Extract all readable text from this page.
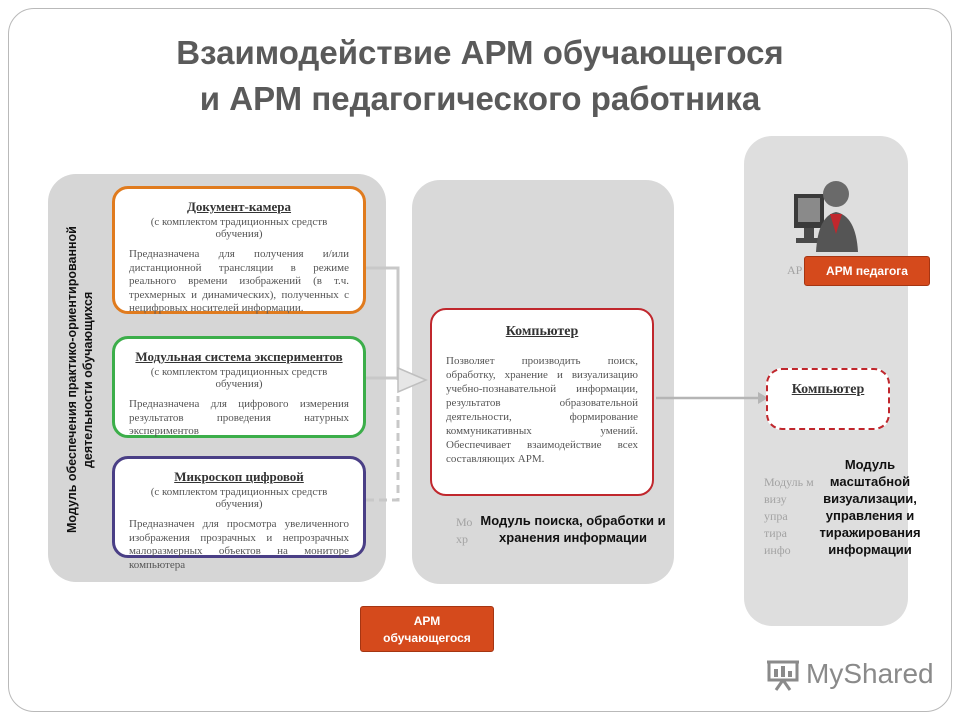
Взаимодействие АРМ обучающегося
и АРМ педагогического работника
Модуль обеспечения практико-ориентированной деятельности обучающихся
Документ-камера
(с комплектом традиционных средств обучения)
Предназначена для получения и/или дистанционной трансляции в режиме реального времени изображений (в т.ч. трехмерных и динамических), полученных с нецифровых носителей информации.
Модульная система экспериментов
(с комплектом традиционных средств обучения)
Предназначена для цифрового измерения результатов проведения натурных экспериментов
Микроскоп цифровой
(с комплектом традиционных средств обучения)
Предназначен для просмотра увеличенного изображения прозрачных и непрозрачных малоразмерных объектов на мониторе компьютера
Компьютер
Позволяет производить поиск, обработку, хранение и визуализацию учебно-познавательной информации, результатов образовательной деятельности, формирование коммуникативных умений. Обеспечивает взаимодействие всех составляющих АРМ.
Мо
хр
Модуль поиска, обработки и хранения информации
АР	АРМ педагога
Компьютер
Модуль м
визу
упра
тира
инфо
Модуль масштабной визуализации, управления и тиражирования информации
АРМ
обучающегося
MyShared
